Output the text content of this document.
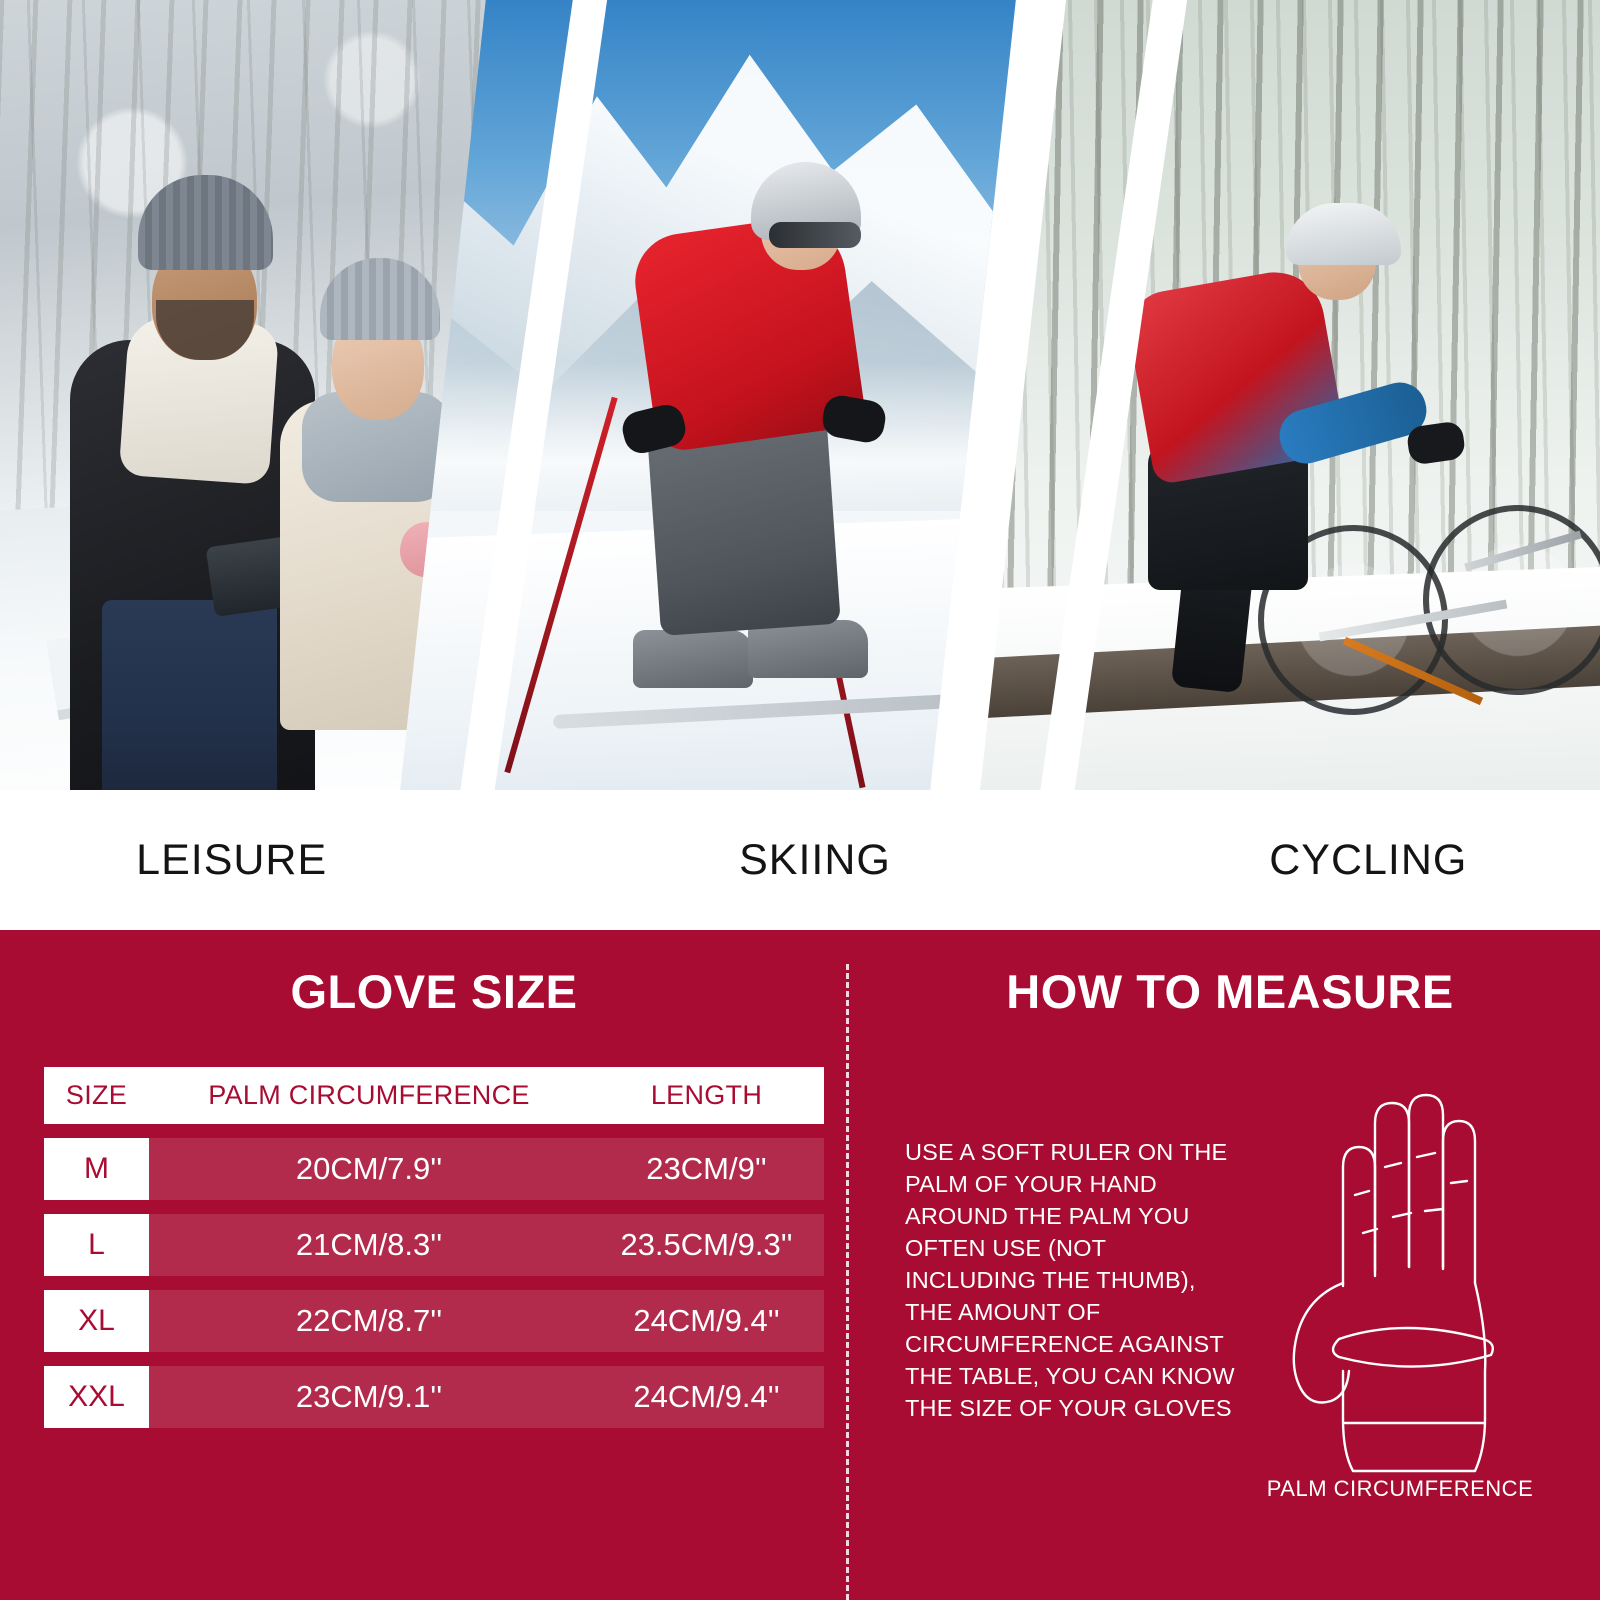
LEISURE	SKIING	CYCLING
GLOVE SIZE
SIZE	PALM CIRCUMFERENCE	LENGTH
M	20CM/7.9''	23CM/9''
L	21CM/8.3''	23.5CM/9.3''
XL	22CM/8.7''	24CM/9.4''
XXL	23CM/9.1''	24CM/9.4''
HOW TO MEASURE
USE A SOFT RULER ON THE PALM OF YOUR HAND AROUND THE PALM YOU OFTEN USE (NOT INCLUDING THE THUMB), THE AMOUNT OF CIRCUMFERENCE AGAINST THE TABLE, YOU CAN KNOW THE SIZE OF YOUR GLOVES
PALM CIRCUMFERENCE
